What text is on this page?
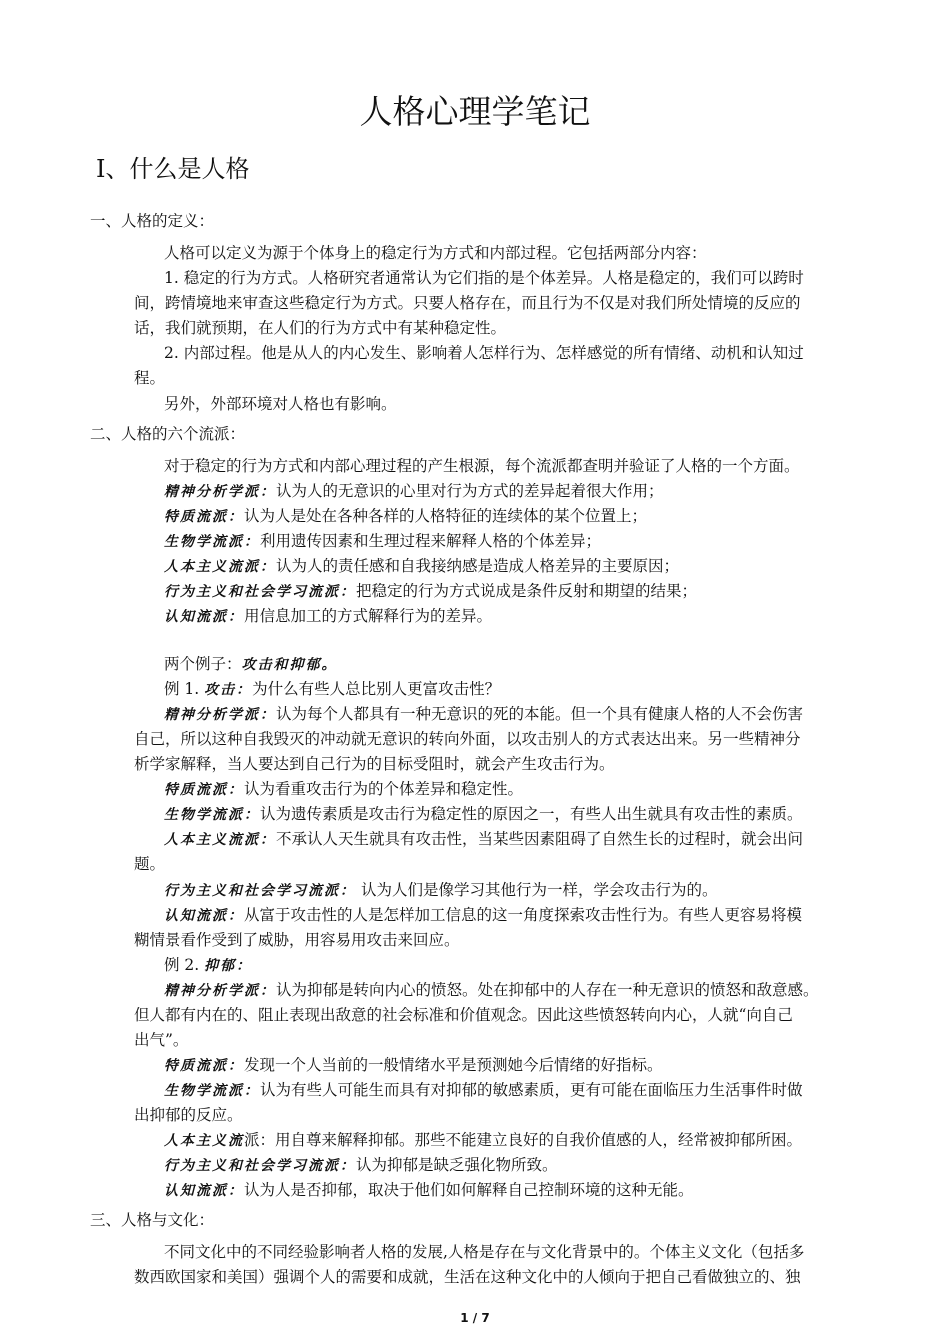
人格心理学笔记
Ⅰ、什么是人格
一、人格的定义：
人格可以定义为源于个体身上的稳定行为方式和内部过程。它包括两部分内容：
1. 稳定的行为方式。人格研究者通常认为它们指的是个体差异。人格是稳定的，我们可以跨时
间，跨情境地来审查这些稳定行为方式。只要人格存在，而且行为不仅是对我们所处情境的反应的
话，我们就预期，在人们的行为方式中有某种稳定性。
2. 内部过程。他是从人的内心发生、影响着人怎样行为、怎样感觉的所有情绪、动机和认知过
程。
另外，外部环境对人格也有影响。
二、人格的六个流派：
对于稳定的行为方式和内部心理过程的产生根源，每个流派都查明并验证了人格的一个方面。
精神分析学派：认为人的无意识的心里对行为方式的差异起着很大作用；
特质流派：认为人是处在各种各样的人格特征的连续体的某个位置上；
生物学流派：利用遗传因素和生理过程来解释人格的个体差异；
人本主义流派：认为人的责任感和自我接纳感是造成人格差异的主要原因；
行为主义和社会学习流派：把稳定的行为方式说成是条件反射和期望的结果；
认知流派：用信息加工的方式解释行为的差异。
两个例子：攻击和抑郁。
例 1. 攻击：为什么有些人总比别人更富攻击性？
精神分析学派：认为每个人都具有一种无意识的死的本能。但一个具有健康人格的人不会伤害
自己，所以这种自我毁灭的冲动就无意识的转向外面，以攻击别人的方式表达出来。另一些精神分
析学家解释，当人要达到自己行为的目标受阻时，就会产生攻击行为。
特质流派：认为看重攻击行为的个体差异和稳定性。
生物学流派：认为遗传素质是攻击行为稳定性的原因之一，有些人出生就具有攻击性的素质。
人本主义流派：不承认人天生就具有攻击性，当某些因素阻碍了自然生长的过程时，就会出问
题。
行为主义和社会学习流派： 认为人们是像学习其他行为一样，学会攻击行为的。
认知流派：从富于攻击性的人是怎样加工信息的这一角度探索攻击性行为。有些人更容易将模
糊情景看作受到了威胁，用容易用攻击来回应。
例 2. 抑郁：
精神分析学派：认为抑郁是转向内心的愤怒。处在抑郁中的人存在一种无意识的愤怒和敌意感。
但人都有内在的、阻止表现出敌意的社会标准和价值观念。因此这些愤怒转向内心，人就“向自己
出气”。
特质流派：发现一个人当前的一般情绪水平是预测她今后情绪的好指标。
生物学流派：认为有些人可能生而具有对抑郁的敏感素质，更有可能在面临压力生活事件时做
出抑郁的反应。
人本主义流派：用自尊来解释抑郁。那些不能建立良好的自我价值感的人，经常被抑郁所困。
行为主义和社会学习流派：认为抑郁是缺乏强化物所致。
认知流派：认为人是否抑郁，取决于他们如何解释自己控制环境的这种无能。
三、人格与文化：
不同文化中的不同经验影响者人格的发展,人格是存在与文化背景中的。个体主义文化（包括多
数西欧国家和美国）强调个人的需要和成就，生活在这种文化中的人倾向于把自己看做独立的、独
1 / 7
